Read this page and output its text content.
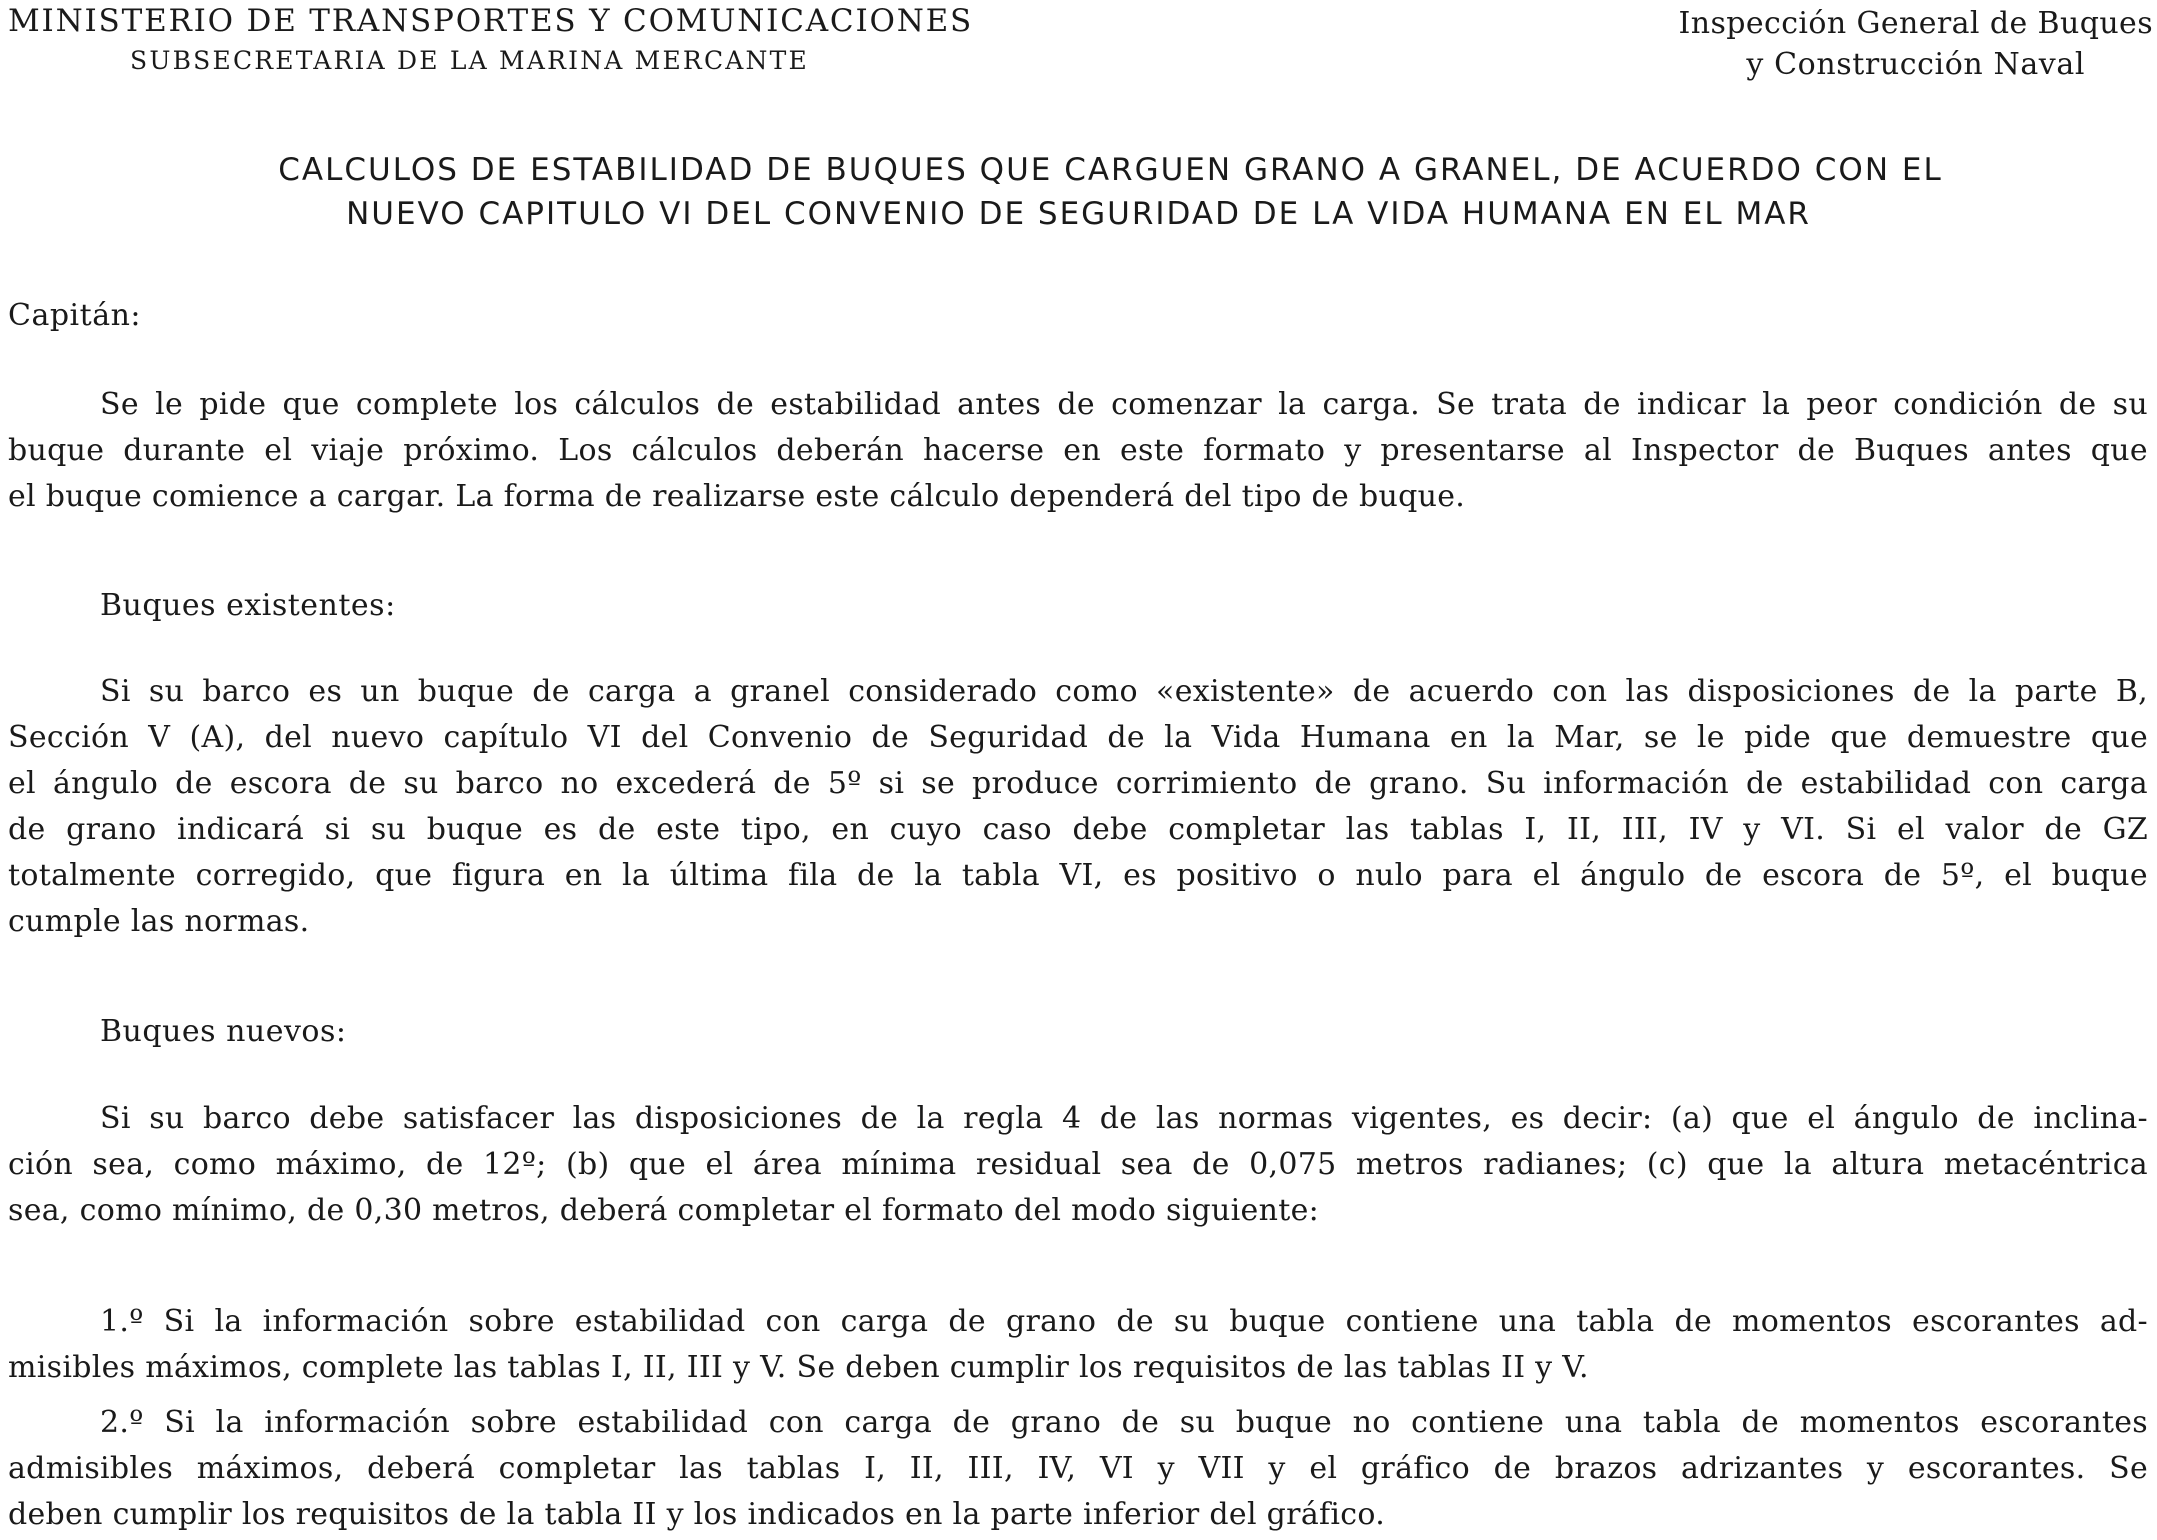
MINISTERIO DE TRANSPORTES Y COMUNICACIONES
SUBSECRETARIA DE LA MARINA MERCANTE
Inspección General de Buques
y Construcción Naval
CALCULOS DE ESTABILIDAD DE BUQUES QUE CARGUEN GRANO A GRANEL, DE ACUERDO CON EL
NUEVO CAPITULO VI DEL CONVENIO DE SEGURIDAD DE LA VIDA HUMANA EN EL MAR
Capitán:
Se le pide que complete los cálculos de estabilidad antes de comenzar la carga. Se trata de indicar la peor condición de su
buque durante el viaje próximo. Los cálculos deberán hacerse en este formato y presentarse al Inspector de Buques antes que
el buque comience a cargar. La forma de realizarse este cálculo dependerá del tipo de buque.
Buques existentes:
Si su barco es un buque de carga a granel considerado como «existente» de acuerdo con las disposiciones de la parte B,
Sección V (A), del nuevo capítulo VI del Convenio de Seguridad de la Vida Humana en la Mar, se le pide que demuestre que
el ángulo de escora de su barco no excederá de 5º si se produce corrimiento de grano. Su información de estabilidad con carga
de grano indicará si su buque es de este tipo, en cuyo caso debe completar las tablas I, II, III, IV y VI. Si el valor de GZ
totalmente corregido, que figura en la última fila de la tabla VI, es positivo o nulo para el ángulo de escora de 5º, el buque
cumple las normas.
Buques nuevos:
Si su barco debe satisfacer las disposiciones de la regla 4 de las normas vigentes, es decir: (a) que el ángulo de inclina-
ción sea, como máximo, de 12º; (b) que el área mínima residual sea de 0,075 metros radianes; (c) que la altura metacéntrica
sea, como mínimo, de 0,30 metros, deberá completar el formato del modo siguiente:
1.º Si la información sobre estabilidad con carga de grano de su buque contiene una tabla de momentos escorantes ad-
misibles máximos, complete las tablas I, II, III y V. Se deben cumplir los requisitos de las tablas II y V.
2.º Si la información sobre estabilidad con carga de grano de su buque no contiene una tabla de momentos escorantes
admisibles máximos, deberá completar las tablas I, II, III, IV, VI y VII y el gráfico de brazos adrizantes y escorantes. Se
deben cumplir los requisitos de la tabla II y los indicados en la parte inferior del gráfico.
